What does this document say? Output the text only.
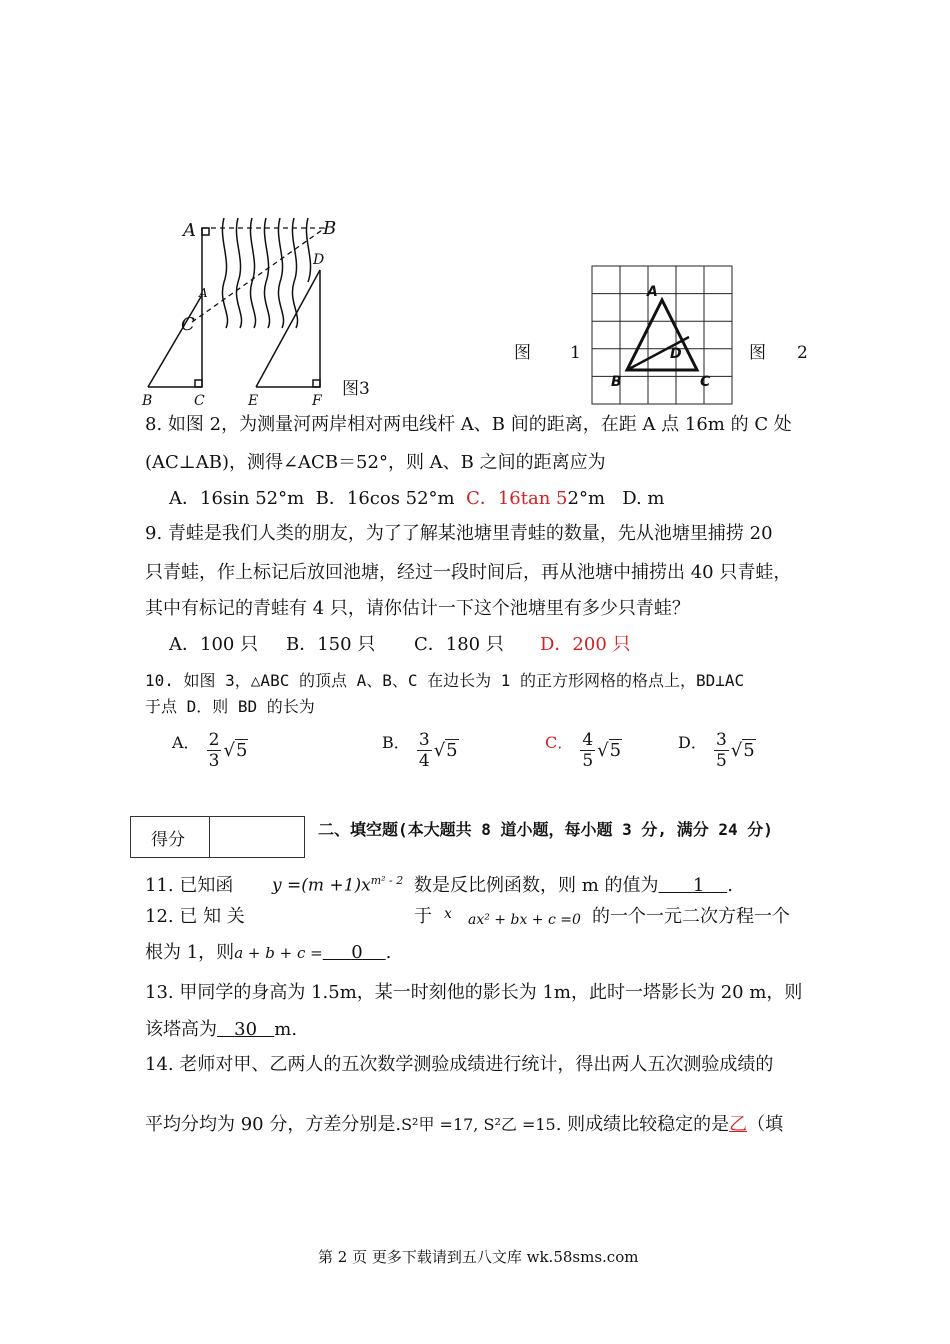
A	B
D
A
C
B	C	E	F
图3
图 1
A
B	C
D	图 2
8. 如图 2，为测量河两岸相对两电线杆 A、B 间的距离，在距 A 点 16m 的 C 处
(AC⊥AB)，测得∠ACB＝52°，则 A、B 之间的距离应为
A．16sin 52°m B．16cos 52°m C．16tan 52°m D. m
9. 青蛙是我们人类的朋友，为了了解某池塘里青蛙的数量，先从池塘里捕捞 20
只青蛙，作上标记后放回池塘，经过一段时间后，再从池塘中捕捞出 40 只青蛙，
其中有标记的青蛙有 4 只，请你估计一下这个池塘里有多少只青蛙？
A．100 只 B．150 只 C．180 只 D．200 只
10. 如图 3，△ABC 的顶点 A、B、C 在边长为 1 的正方形网格的格点上，BD⊥AC
于点 D．则 BD 的长为
A． $\frac{2}{3} √5$	B． $\frac{3}{4} √5$	C． $\frac{4}{5} √5$	D． $\frac{3}{5} √5$
得分
二、填空题(本大题共 8 道小题，每小题 3 分, 满分 24 分)
11. 已知函 $y =(m +1)x^{m^2 - 2}$ 数是反比例函数，则 m 的值为 1 .
12. 已 知 关	于 x ax² + bx + c =0 的一个一元二次方程一个
根为 1，则a + b + c = 0 .
13. 甲同学的身高为 1.5m，某一时刻他的影长为 1m，此时一塔影长为 20 m，则
该塔高为 30 m.
14. 老师对甲、乙两人的五次数学测验成绩进行统计，得出两人五次测验成绩的
平均分均为 90 分，方差分别是.S²甲 =17, S²乙 =15. 则成绩比较稳定的是乙（填
第 2 页 更多下载请到五八文库 wk.58sms.com
